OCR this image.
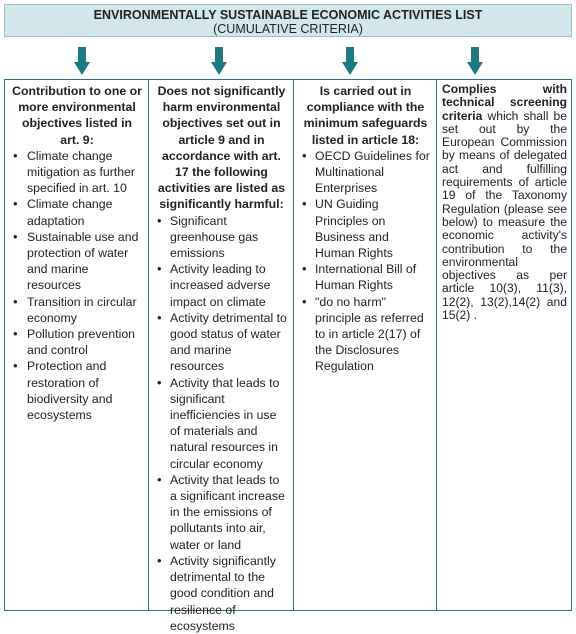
ENVIRONMENTALLY SUSTAINABLE ECONOMIC ACTIVITIES LIST
(CUMULATIVE CRITERIA)
Contribution to one or more environmental objectives listed in art. 9:
• Climate change mitigation as further specified in art. 10
• Climate change adaptation
• Sustainable use and protection of water and marine resources
• Transition in circular economy
• Pollution prevention and control
• Protection and restoration of biodiversity and ecosystems
Does not significantly harm environmental objectives set out in article 9 and in accordance with art. 17 the following activities are listed as significantly harmful:
• Significant greenhouse gas emissions
• Activity leading to increased adverse impact on climate
• Activity detrimental to good status of water and marine resources
• Activity that leads to significant inefficiencies in use of materials and natural resources in circular economy
• Activity that leads to a significant increase in the emissions of pollutants into air, water or land
• Activity significantly detrimental to the good condition and resilience of ecosystems
Is carried out in compliance with the minimum safeguards listed in article 18:
• OECD Guidelines for Multinational Enterprises
• UN Guiding Principles on Business and Human Rights
• International Bill of Human Rights
• "do no harm" principle as referred to in article 2(17) of the Disclosures Regulation

Complies with technical screening criteria which shall be set out by the European Commission by means of delegated act and fulfilling requirements of article 19 of the Taxonomy Regulation (please see below) to measure the economic activity's contribution to the environmental objectives as per article 10(3), 11(3), 12(2), 13(2),14(2) and 15(2) .
